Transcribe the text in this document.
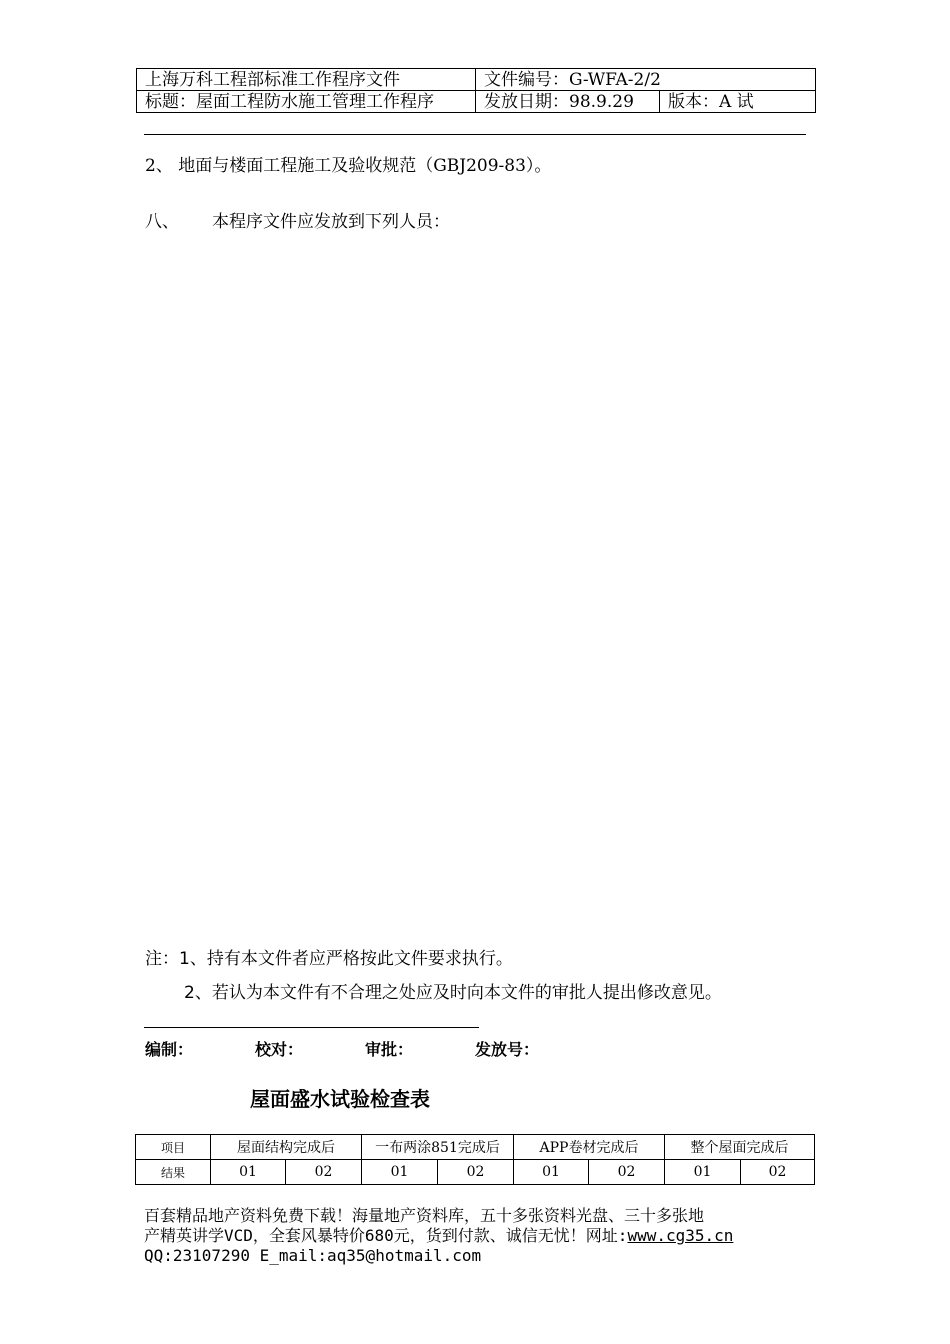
上海万科工程部标准工作程序文件	文件编号：G-WFA-2/2	
标题：屋面工程防水施工管理工作程序	发放日期：98.9.29	版本：A 试
2、 地面与楼面工程施工及验收规范（GBJ209-83）。
八、 本程序文件应发放到下列人员：
注：1、持有本文件者应严格按此文件要求执行。
2、若认为本文件有不合理之处应及时向本文件的审批人提出修改意见。
编制：	校对：	审批：	发放号：
屋面盛水试验检查表
项目	屋面结构完成后		一布两涂851完成后		APP卷材完成后		整个屋面完成后	
结果	01	02	01	02	01	02	01	02
百套精品地产资料免费下载！海量地产资料库，五十多张资料光盘、三十多张地
产精英讲学VCD，全套风暴特价680元，货到付款、诚信无忧！网址:www.cg35.cn
QQ:23107290 E_mail:aq35@hotmail.com
